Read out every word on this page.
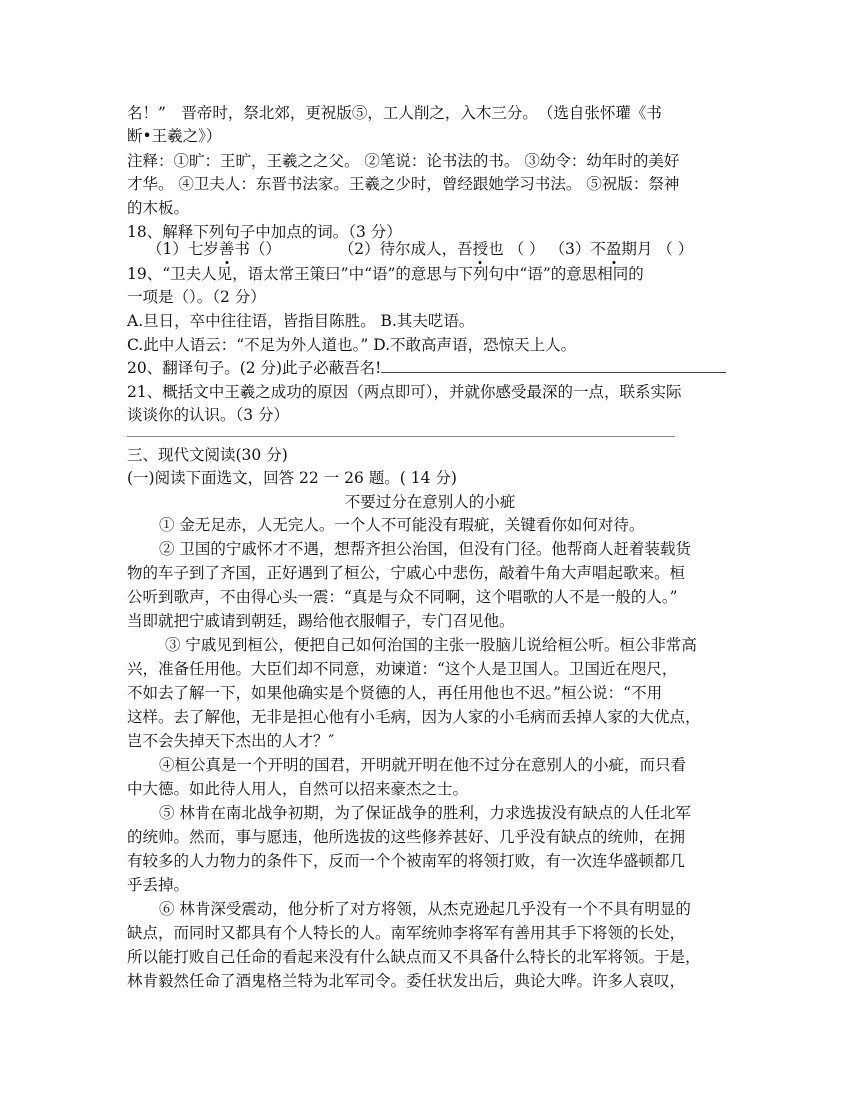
名！”　晋帝时，祭北郊，更祝版⑤，工人削之，入木三分。　（选自张怀瓘《书
断•王羲之》）
注释：①旷：王旷，王羲之之父。 ②笔说：论书法的书。 ③幼令：幼年时的美好
才华。 ④卫夫人：东晋书法家。王羲之少时，曾经跟她学习书法。 ⑤祝版：祭神
的木板。
18、解释下列句子中加点的词。（3 分）
（1）七岁善书（）	（2）待尔成人，吾授也 （ ） （3）不盈期月 （ ）
19、“卫夫人见，语太常王策曰”中“语”的意思与下列句中“语”的意思相同的
一项是（）。（2 分）
A.旦日，卒中往往语，皆指目陈胜。 B.其夫呓语。
C.此中人语云：“不足为外人道也。” D.不敢高声语，恐惊天上人。
20、翻译句子。(2 分)此子必蔽吾名!
21、概括文中王羲之成功的原因（两点即可），并就你感受最深的一点，联系实际
谈谈你的认识。（3 分）
三、现代文阅读(30 分)
(一)阅读下面选文，回答 22 一 26 题。( 14 分)
不要过分在意别人的小疵
① 金无足赤，人无完人。一个人不可能没有瑕疵，关键看你如何对待。
② 卫国的宁戚怀才不遇，想帮齐担公治国，但没有门径。他帮商人赶着装载货
物的车子到了齐国，正好遇到了桓公，宁戚心中悲伤，敲着牛角大声唱起歌来。桓
公听到歌声，不由得心头一震：“真是与众不同啊，这个唱歌的人不是一般的人。”
当即就把宁戚请到朝廷，踢给他衣服帽子，专门召见他。
③ 宁戚见到桓公，便把自己如何治国的主张一股脑儿说给桓公听。桓公非常高
兴，准备任用他。大臣们却不同意，劝谏道：“这个人是卫国人。卫国近在咫尺，
不如去了解一下，如果他确实是个贤德的人，再任用他也不迟。”桓公说：“不用
这样。去了解他，无非是担心他有小毛病，因为人家的小毛病而丢掉人家的大优点，
岂不会失掉天下杰出的人才？″
④桓公真是一个开明的国君，开明就开明在他不过分在意别人的小疵，而只看
中大德。如此待人用人，自然可以招来豪杰之士。
⑤ 林肯在南北战争初期，为了保证战争的胜利，力求选拔没有缺点的人任北军
的统帅。然而，事与愿违，他所选拔的这些修养甚好、几乎没有缺点的统帅，在拥
有较多的人力物力的条件下，反而一个个被南军的将领打败，有一次连华盛顿都几
乎丢掉。
⑥ 林肯深受震动，他分析了对方将领，从杰克逊起几乎没有一个不具有明显的
缺点，而同时又都具有个人特长的人。南军统帅李将军有善用其手下将领的长处，
所以能打败自己任命的看起来没有什么缺点而又不具备什么特长的北军将领。于是，
林肯毅然任命了酒鬼格兰特为北军司令。委任状发出后，典论大哗。许多人哀叹，
